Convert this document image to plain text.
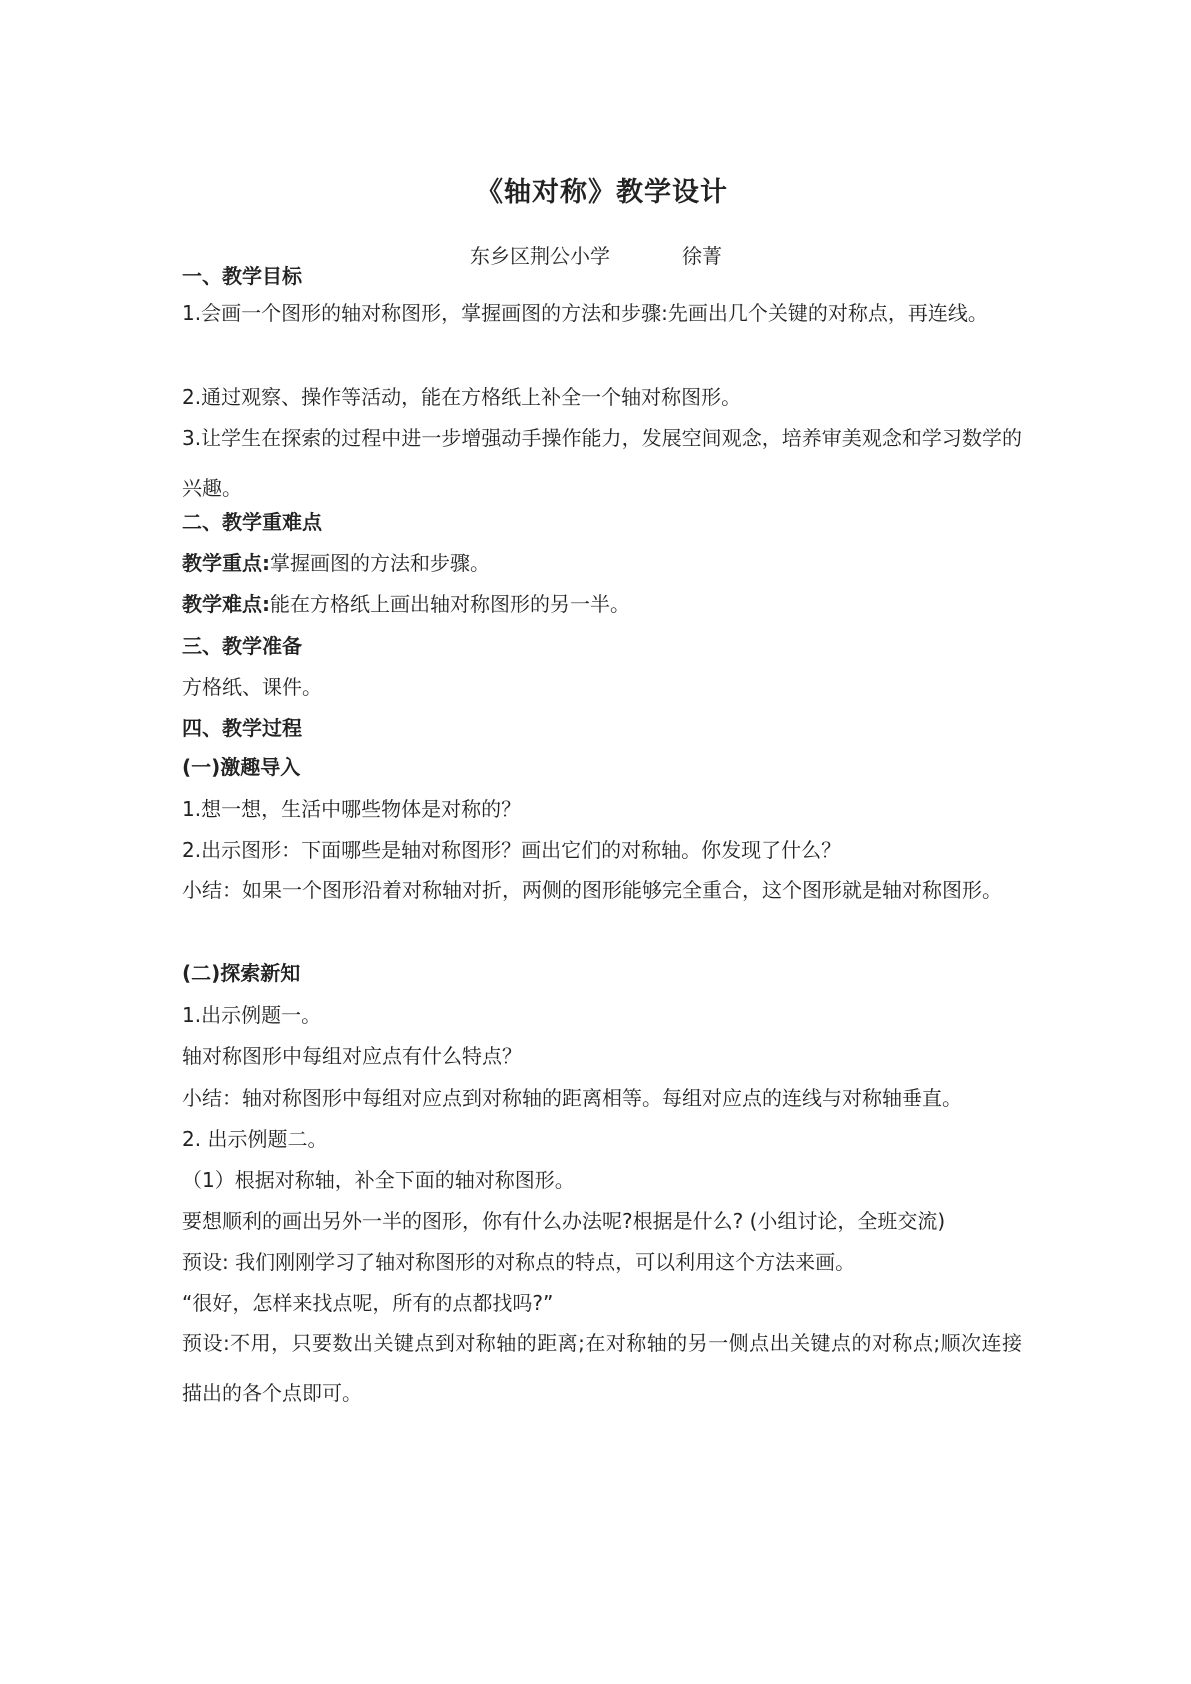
《轴对称》教学设计
东乡区荆公小学	徐菁
一、教学目标
1.会画一个图形的轴对称图形，掌握画图的方法和步骤:先画出几个关键的对称点，再连线。
2.通过观察、操作等活动，能在方格纸上补全一个轴对称图形。
3.让学生在探索的过程中进一步增强动手操作能力，发展空间观念，培养审美观念和学习数学的兴趣。
二、教学重难点
教学重点:掌握画图的方法和步骤。
教学难点:能在方格纸上画出轴对称图形的另一半。
三、教学准备
方格纸、课件。
四、教学过程
(一)激趣导入
1.想一想，生活中哪些物体是对称的？
2.出示图形：下面哪些是轴对称图形？画出它们的对称轴。你发现了什么？
小结：如果一个图形沿着对称轴对折，两侧的图形能够完全重合，这个图形就是轴对称图形。
(二)探索新知
1.出示例题一。
轴对称图形中每组对应点有什么特点？
小结：轴对称图形中每组对应点到对称轴的距离相等。每组对应点的连线与对称轴垂直。
2. 出示例题二。
（1）根据对称轴，补全下面的轴对称图形。
要想顺利的画出另外一半的图形，你有什么办法呢?根据是什么? (小组讨论，全班交流)
预设: 我们刚刚学习了轴对称图形的对称点的特点，可以利用这个方法来画。
“很好，怎样来找点呢，所有的点都找吗?”
预设:不用，只要数出关键点到对称轴的距离;在对称轴的另一侧点出关键点的对称点;顺次连接描出的各个点即可。
